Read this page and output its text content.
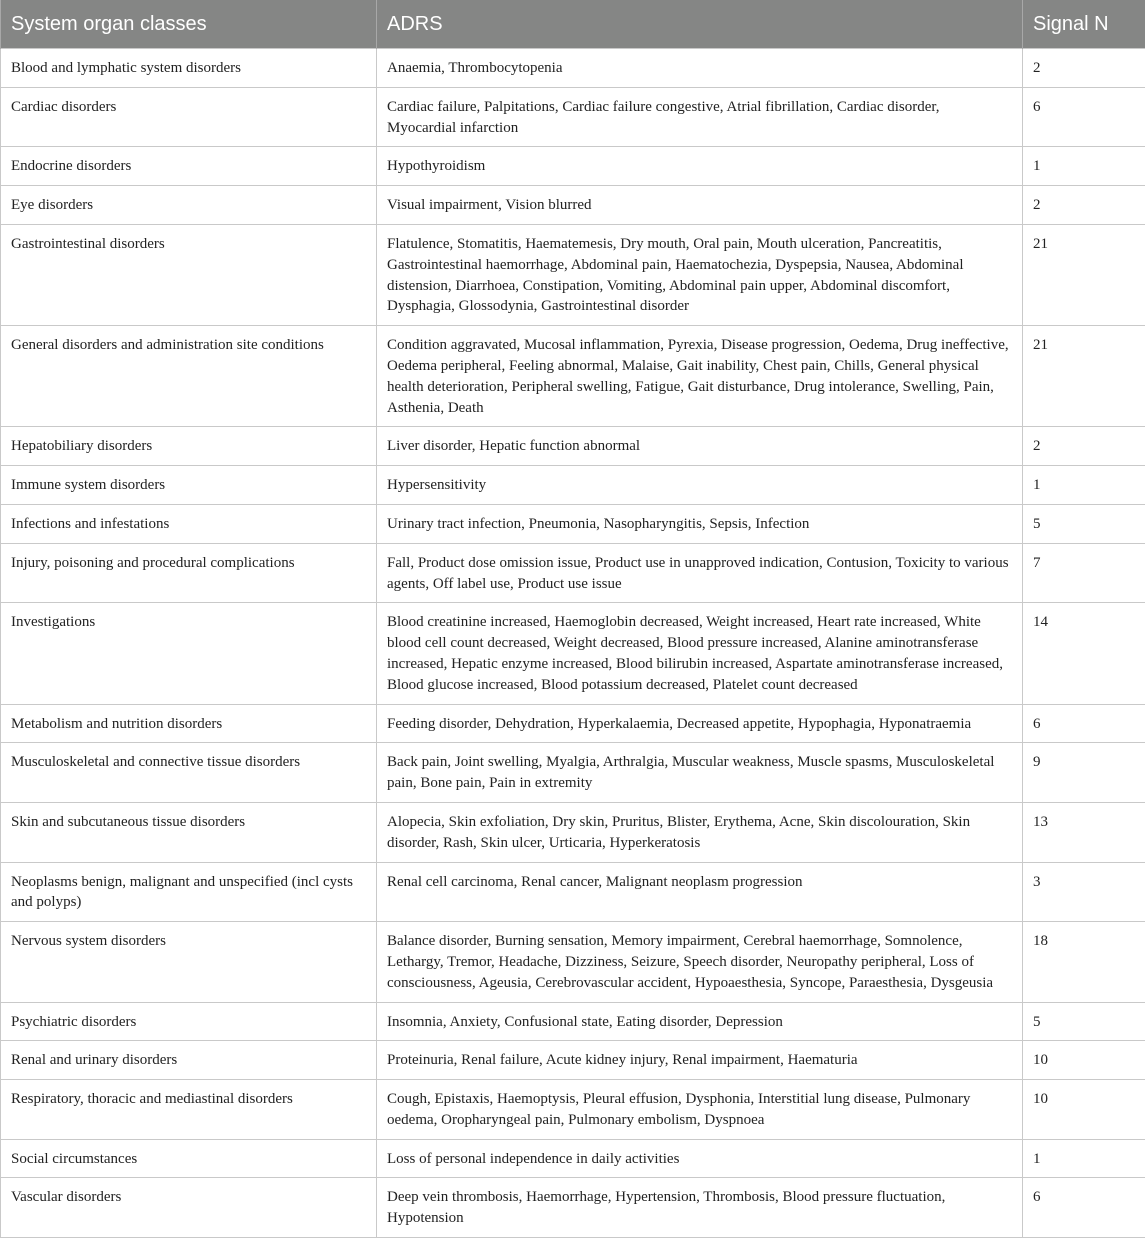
System organ classes	ADRS	Signal N
Blood and lymphatic system disorders	Anaemia, Thrombocytopenia	2
Cardiac disorders	Cardiac failure, Palpitations, Cardiac failure congestive, Atrial fibrillation, Cardiac disorder, Myocardial infarction	6
Endocrine disorders	Hypothyroidism	1
Eye disorders	Visual impairment, Vision blurred	2
Gastrointestinal disorders	Flatulence, Stomatitis, Haematemesis, Dry mouth, Oral pain, Mouth ulceration, Pancreatitis, Gastrointestinal haemorrhage, Abdominal pain, Haematochezia, Dyspepsia, Nausea, Abdominal distension, Diarrhoea, Constipation, Vomiting, Abdominal pain upper, Abdominal discomfort, Dysphagia, Glossodynia, Gastrointestinal disorder	21
General disorders and administration site conditions	Condition aggravated, Mucosal inflammation, Pyrexia, Disease progression, Oedema, Drug ineffective, Oedema peripheral, Feeling abnormal, Malaise, Gait inability, Chest pain, Chills, General physical health deterioration, Peripheral swelling, Fatigue, Gait disturbance, Drug intolerance, Swelling, Pain, Asthenia, Death	21
Hepatobiliary disorders	Liver disorder, Hepatic function abnormal	2
Immune system disorders	Hypersensitivity	1
Infections and infestations	Urinary tract infection, Pneumonia, Nasopharyngitis, Sepsis, Infection	5
Injury, poisoning and procedural complications	Fall, Product dose omission issue, Product use in unapproved indication, Contusion, Toxicity to various agents, Off label use, Product use issue	7
Investigations	Blood creatinine increased, Haemoglobin decreased, Weight increased, Heart rate increased, White blood cell count decreased, Weight decreased, Blood pressure increased, Alanine aminotransferase increased, Hepatic enzyme increased, Blood bilirubin increased, Aspartate aminotransferase increased, Blood glucose increased, Blood potassium decreased, Platelet count decreased	14
Metabolism and nutrition disorders	Feeding disorder, Dehydration, Hyperkalaemia, Decreased appetite, Hypophagia, Hyponatraemia	6
Musculoskeletal and connective tissue disorders	Back pain, Joint swelling, Myalgia, Arthralgia, Muscular weakness, Muscle spasms, Musculoskeletal pain, Bone pain, Pain in extremity	9
Skin and subcutaneous tissue disorders	Alopecia, Skin exfoliation, Dry skin, Pruritus, Blister, Erythema, Acne, Skin discolouration, Skin disorder, Rash, Skin ulcer, Urticaria, Hyperkeratosis	13
Neoplasms benign, malignant and unspecified (incl cysts and polyps)	Renal cell carcinoma, Renal cancer, Malignant neoplasm progression	3
Nervous system disorders	Balance disorder, Burning sensation, Memory impairment, Cerebral haemorrhage, Somnolence, Lethargy, Tremor, Headache, Dizziness, Seizure, Speech disorder, Neuropathy peripheral, Loss of consciousness, Ageusia, Cerebrovascular accident, Hypoaesthesia, Syncope, Paraesthesia, Dysgeusia	18
Psychiatric disorders	Insomnia, Anxiety, Confusional state, Eating disorder, Depression	5
Renal and urinary disorders	Proteinuria, Renal failure, Acute kidney injury, Renal impairment, Haematuria	10
Respiratory, thoracic and mediastinal disorders	Cough, Epistaxis, Haemoptysis, Pleural effusion, Dysphonia, Interstitial lung disease, Pulmonary oedema, Oropharyngeal pain, Pulmonary embolism, Dyspnoea	10
Social circumstances	Loss of personal independence in daily activities	1
Vascular disorders	Deep vein thrombosis, Haemorrhage, Hypertension, Thrombosis, Blood pressure fluctuation, Hypotension	6
